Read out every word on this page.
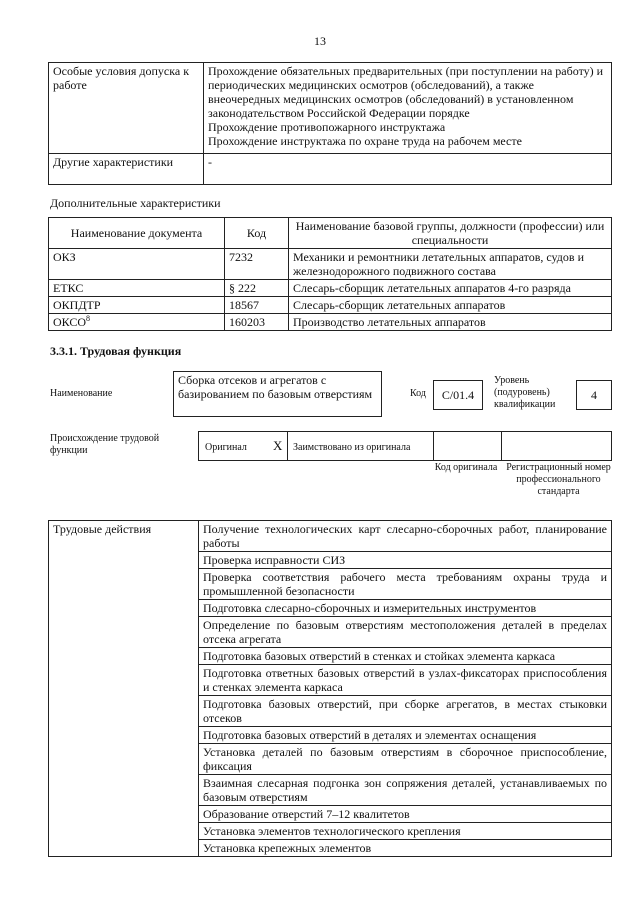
13
Особые условия допуска к работе	Прохождение обязательных предварительных (при поступлении на работу) и периодических медицинских осмотров (обследований), а также внеочередных медицинских осмотров (обследований) в установленном законодательством Российской Федерации порядке
Прохождение противопожарного инструктажа
Прохождение инструктажа по охране труда на рабочем месте

Другие характеристики	-
Дополнительные характеристики
Наименование документа	Код	Наименование базовой группы, должности (профессии) или специальности
ОКЗ	7232	Механики и ремонтники летательных аппаратов, судов и железнодорожного подвижного состава
ЕТКС	§ 222	Слесарь-сборщик летательных аппаратов 4-го разряда
ОКПДТР	18567	Слесарь-сборщик летательных аппаратов
ОКСО$^8$	160203	Производство летательных аппаратов
3.3.1. Трудовая функция
Наименование
Сборка отсеков и агрегатов с базированием по базовым отверстиям	Код	C/01.4
Уровень (подуровень) квалификации
4
Происхождение трудовой функции	Оригинал X Заимствовано из оригинала
Код оригинала Регистрационный номер профессионального стандарта
Трудовые действия	Получение технологических карт слесарно-сборочных работ, планирование работы
Проверка исправности СИЗ
Проверка соответствия рабочего места требованиям охраны труда и промышленной безопасности
Подготовка слесарно-сборочных и измерительных инструментов
Определение по базовым отверстиям местоположения деталей в пределах отсека агрегата
Подготовка базовых отверстий в стенках и стойках элемента каркаса
Подготовка ответных базовых отверстий в узлах-фиксаторах приспособления и стенках элемента каркаса
Подготовка базовых отверстий, при сборке агрегатов, в местах стыковки отсеков
Подготовка базовых отверстий в деталях и элементах оснащения
Установка деталей по базовым отверстиям в сборочное приспособление, фиксация
Взаимная слесарная подгонка зон сопряжения деталей, устанавливаемых по базовым отверстиям
Образование отверстий 7–12 квалитетов
Установка элементов технологического крепления
Установка крепежных элементов
